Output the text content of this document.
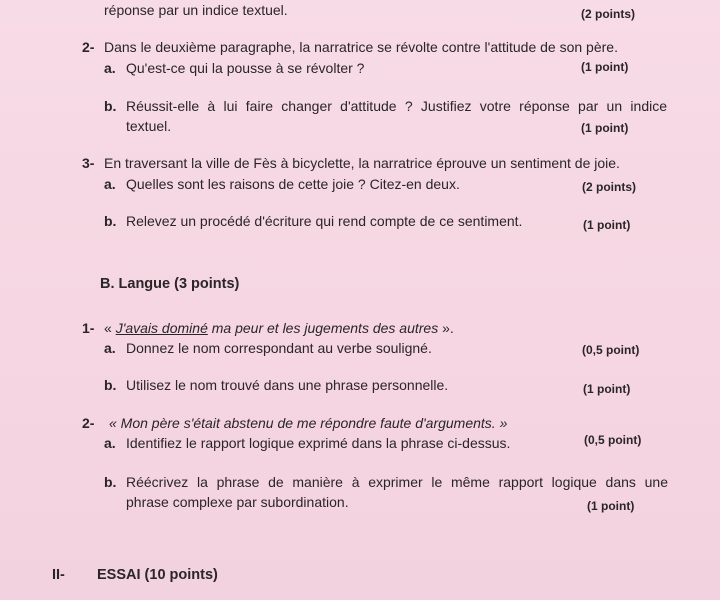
réponse par un indice textuel.	(2 points)
2- Dans le deuxième paragraphe, la narratrice se révolte contre l'attitude de son père.
a. Qu'est-ce qui la pousse à se révolter ?	(1 point)
b. Réussit-elle à lui faire changer d'attitude ? Justifiez votre réponse par un indice
textuel.	(1 point)
3- En traversant la ville de Fès à bicyclette, la narratrice éprouve un sentiment de joie.
a. Quelles sont les raisons de cette joie ? Citez-en deux.	(2 points)
b. Relevez un procédé d'écriture qui rend compte de ce sentiment.	(1 point)
B. Langue (3 points)
1- « J'avais dominé ma peur et les jugements des autres ».
a. Donnez le nom correspondant au verbe souligné.	(0,5 point)
b. Utilisez le nom trouvé dans une phrase personnelle.	(1 point)
2- « Mon père s'était abstenu de me répondre faute d'arguments. »
a. Identifiez le rapport logique exprimé dans la phrase ci-dessus.	(0,5 point)
b. Réécrivez la phrase de manière à exprimer le même rapport logique dans une
phrase complexe par subordination.	(1 point)
II- ESSAI (10 points)
